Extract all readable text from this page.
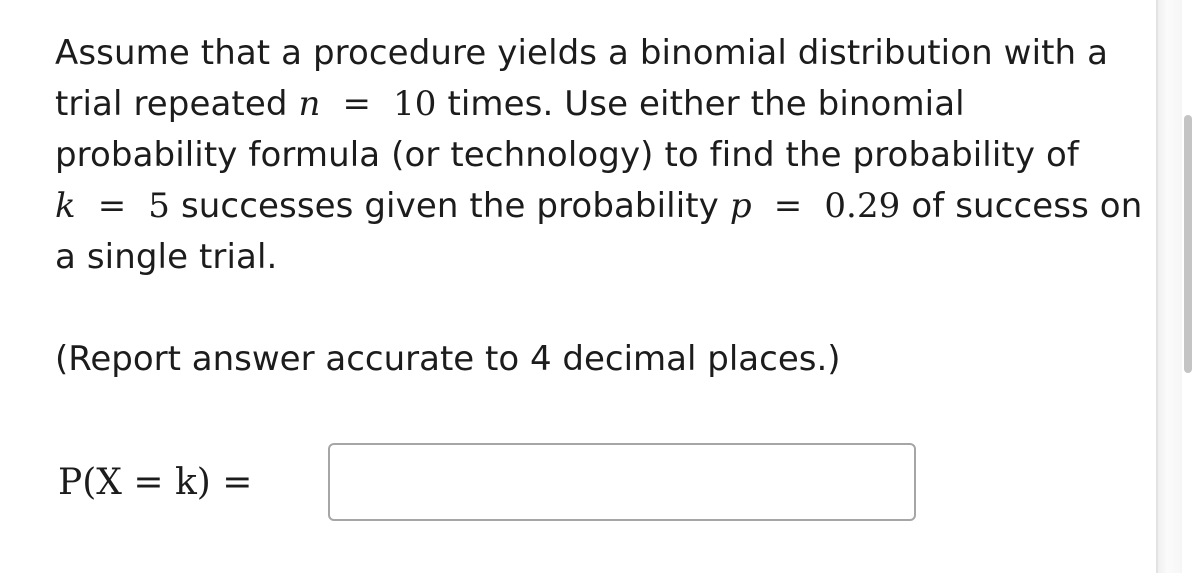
Assume that a procedure yields a binomial distribution with a
trial repeated n = 10 times. Use either the binomial
probability formula (or technology) to find the probability of
k = 5 successes given the probability p = 0.29 of success on
a single trial.
(Report answer accurate to 4 decimal places.)
P(X = k) =
